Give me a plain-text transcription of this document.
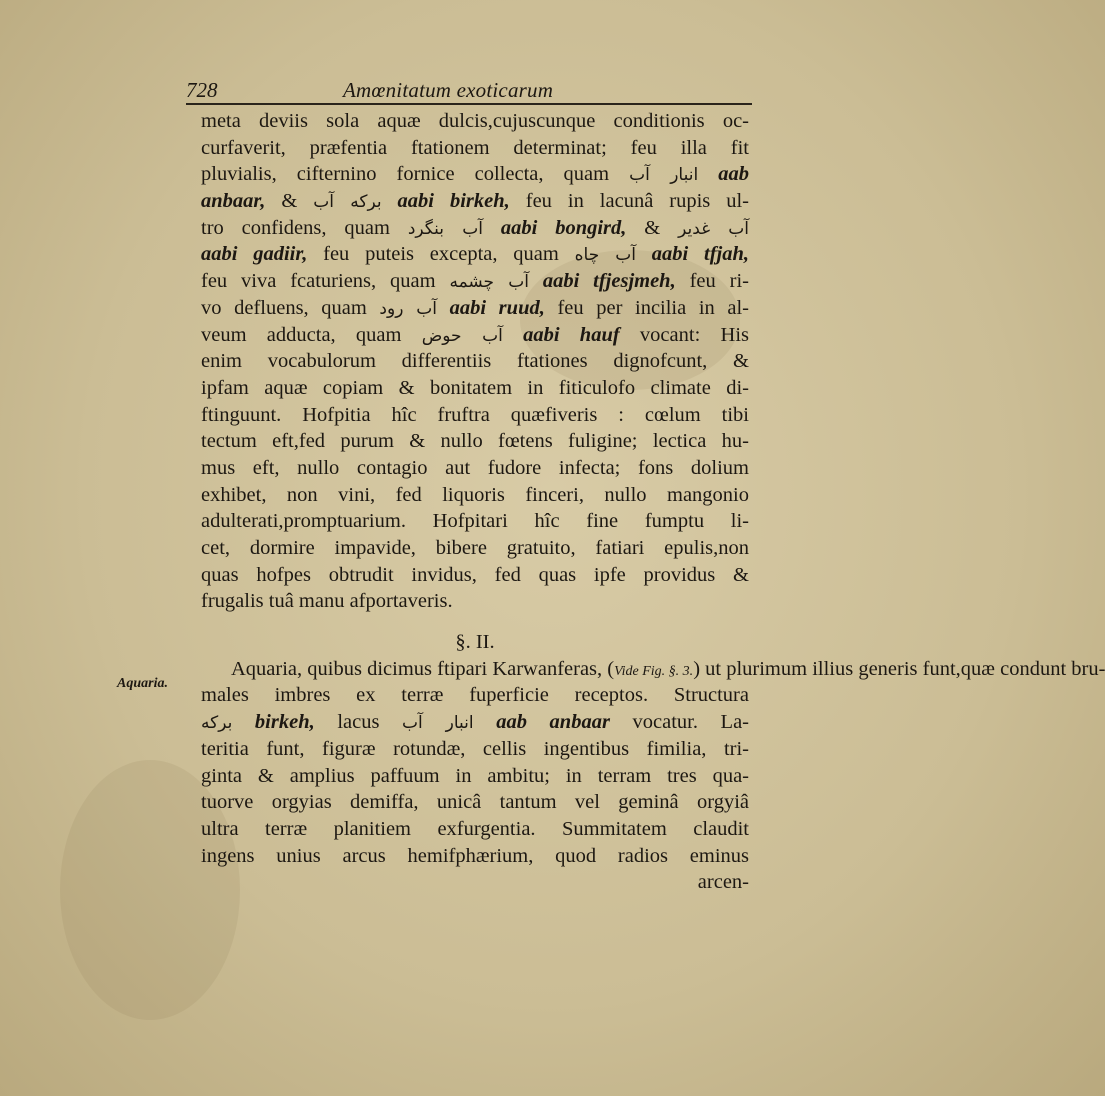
728	Amœnitatum exoticarum
Aquaria.
meta deviis sola aquæ dulcis,cujuscunque conditionis oc-
curfaverit, præfentia ftationem determinat; feu illa fit
pluvialis, cifternino fornice collecta, quam انبار آب aab
anbaar, & برکه آب aabi birkeh, feu in lacunâ rupis ul-
tro confidens, quam آب بنگرد aabi bongird, & آب غدیر
aabi gadiir, feu puteis excepta, quam آب چاه aabi tfjah,
feu viva fcaturiens, quam آب چشمه aabi tfjesjmeh, feu ri-
vo defluens, quam آب رود aabi ruud, feu per incilia in al-
veum adducta, quam آب حوض aabi hauf vocant: His
enim vocabulorum differentiis ftationes dignofcunt, &
ipfam aquæ copiam & bonitatem in fiticulofo climate di-
ftinguunt. Hofpitia hîc fruftra quæfiveris : cœlum tibi
tectum eft,fed purum & nullo fœtens fuligine; lectica hu-
mus eft, nullo contagio aut fudore infecta; fons dolium
exhibet, non vini, fed liquoris finceri, nullo mangonio
adulterati,promptuarium. Hofpitari hîc fine fumptu li-
cet, dormire impavide, bibere gratuito, fatiari epulis,non
quas hofpes obtrudit invidus, fed quas ipfe providus &
frugalis tuâ manu afportaveris.
§. II.
Aquaria, quibus dicimus ftipari Karwanferas, (Vide Fig. §. 3.) ut plurimum illius generis funt,quæ condunt bru-
males imbres ex terræ fuperficie receptos. Structura
برکه birkeh, lacus انبار آب aab anbaar vocatur. La-
teritia funt, figuræ rotundæ, cellis ingentibus fimilia, tri-
ginta & amplius paffuum in ambitu; in terram tres qua-
tuorve orgyias demiffa, unicâ tantum vel geminâ orgyiâ
ultra terræ planitiem exfurgentia. Summitatem claudit
ingens unius arcus hemifphærium, quod radios eminus
arcen-
